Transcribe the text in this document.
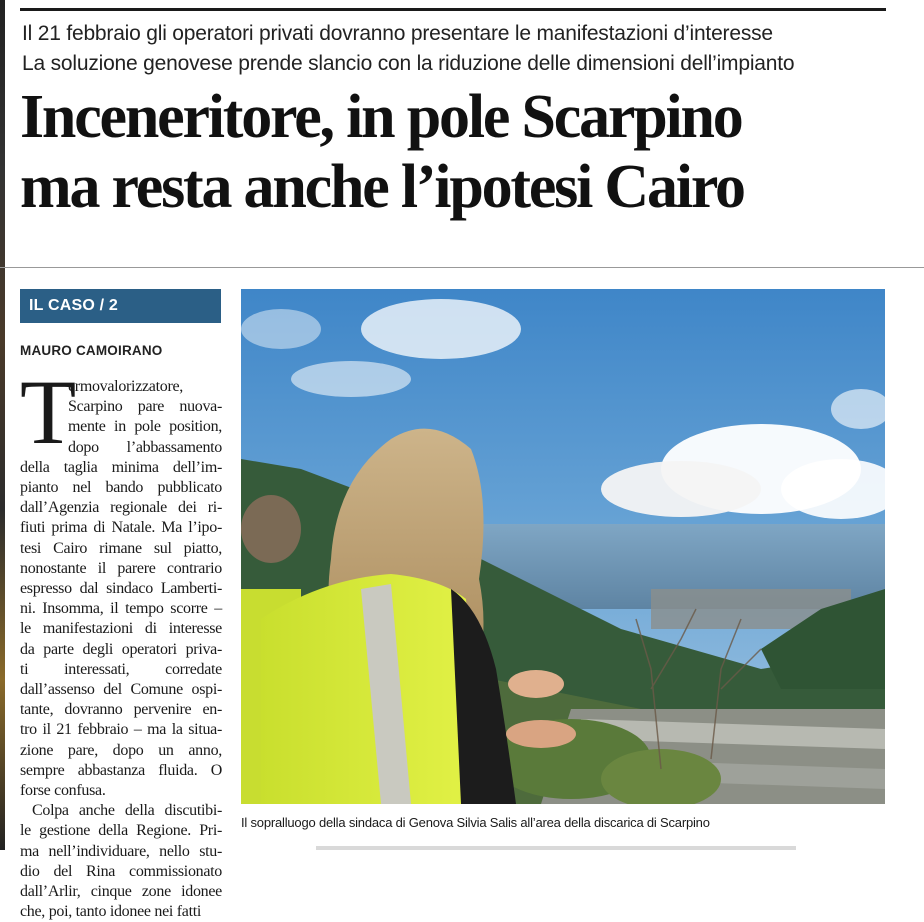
Il 21 febbraio gli operatori privati dovranno presentare le manifestazioni d’interesse
La soluzione genovese prende slancio con la riduzione delle dimensioni dell’impianto
Inceneritore, in pole Scarpino
ma resta anche l’ipotesi Cairo
IL CASO / 2
MAURO CAMOIRANO
T
ermovalorizzatore,
Scarpino pare nuova-
mente in pole position,
dopo l’abbassamento
della taglia minima dell’im-
pianto nel bando pubblicato
dall’Agenzia regionale dei ri-
fiuti prima di Natale. Ma l’ipo-
tesi Cairo rimane sul piatto,
nonostante il parere contrario
espresso dal sindaco Lamberti-
ni. Insomma, il tempo scorre –
le manifestazioni di interesse
da parte degli operatori priva-
ti interessati, corredate
dall’assenso del Comune ospi-
tante, dovranno pervenire en-
tro il 21 febbraio – ma la situa-
zione pare, dopo un anno,
sempre abbastanza fluida. O
forse confusa.
Colpa anche della discutibi-
le gestione della Regione. Pri-
ma nell’individuare, nello stu-
dio del Rina commissionato
dall’Arlir, cinque zone idonee
che, poi, tanto idonee nei fatti
Il sopralluogo della sindaca di Genova Silvia Salis all’area della discarica di Scarpino
